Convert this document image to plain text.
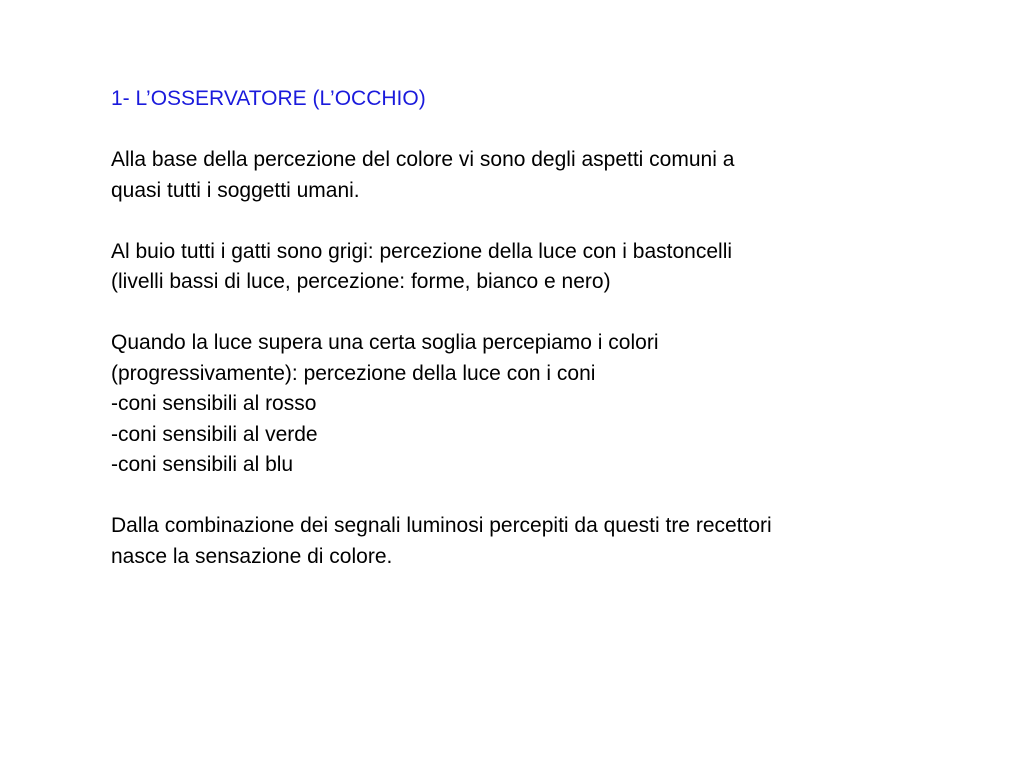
1- L’OSSERVATORE (L’OCCHIO)

Alla base della percezione del colore vi sono degli aspetti comuni a
quasi tutti i soggetti umani.

Al buio tutti i gatti sono grigi: percezione della luce con i bastoncelli
(livelli bassi di luce, percezione: forme, bianco e nero)

Quando la luce supera una certa soglia percepiamo i colori
(progressivamente): percezione della luce con i coni
-coni sensibili al rosso
-coni sensibili al verde
-coni sensibili al blu

Dalla combinazione dei segnali luminosi percepiti da questi tre recettori
nasce la sensazione di colore.
